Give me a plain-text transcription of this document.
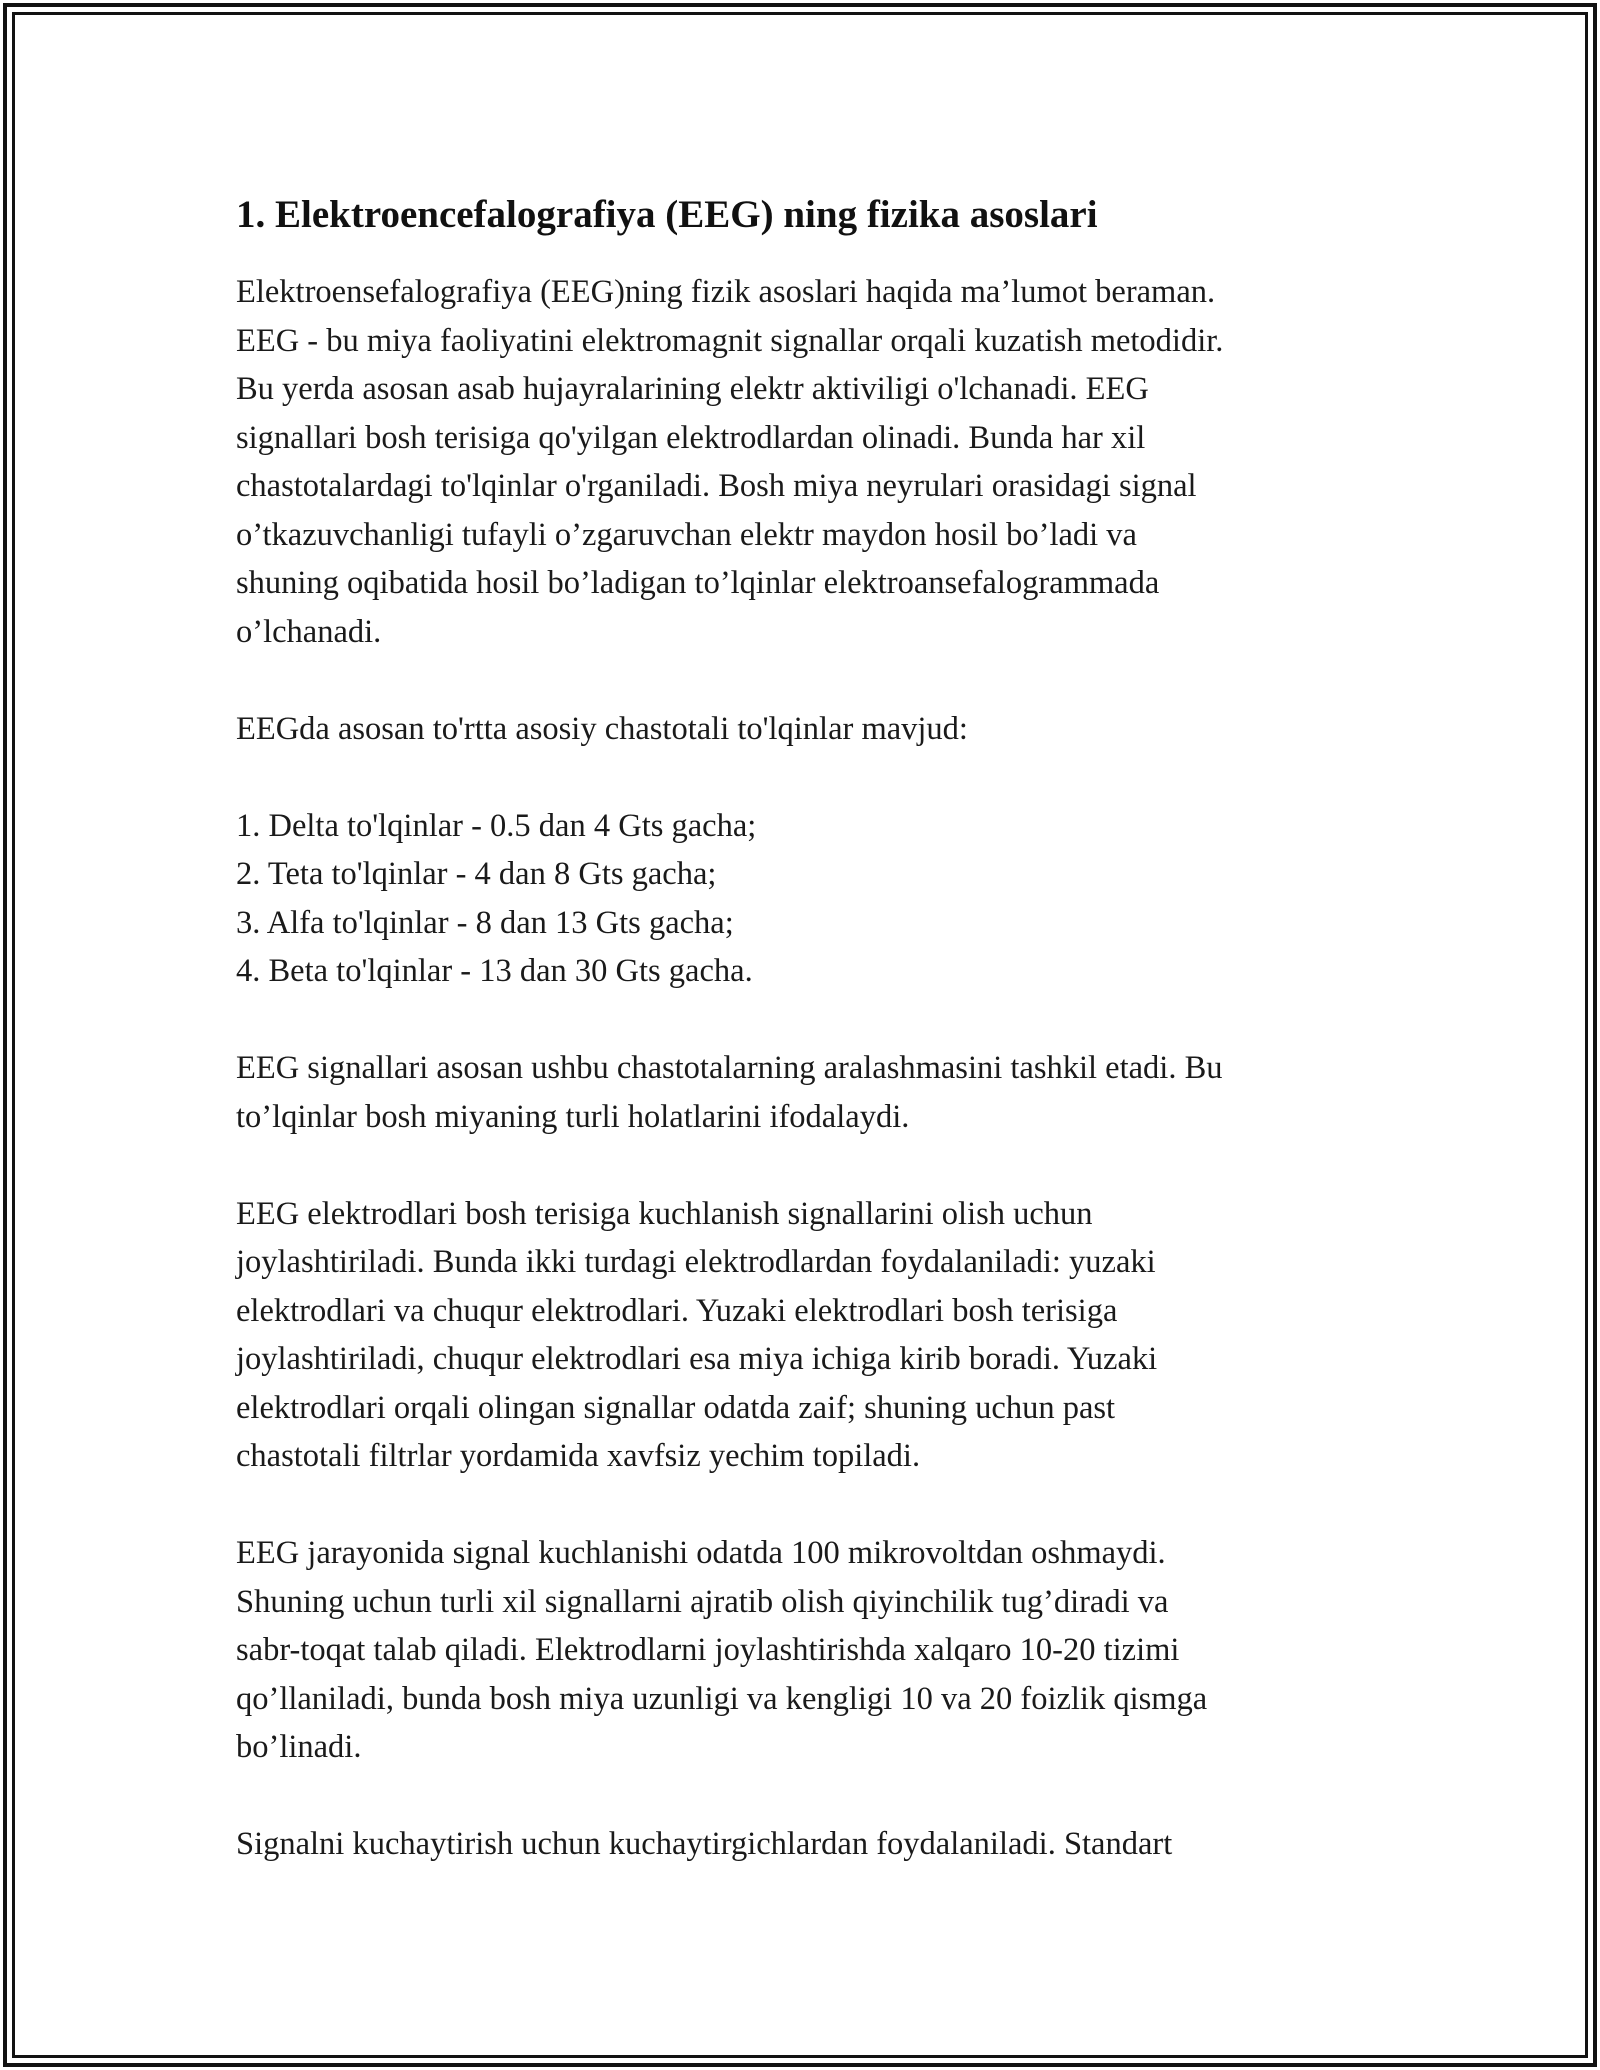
1. Elektroencefalografiya (EEG) ning fizika asoslari

Elektroensefalografiya (EEG)ning fizik asoslari haqida ma’lumot beraman.
EEG - bu miya faoliyatini elektromagnit signallar orqali kuzatish metodidir.
Bu yerda asosan asab hujayralarining elektr aktiviligi o'lchanadi. EEG
signallari bosh terisiga qo'yilgan elektrodlardan olinadi. Bunda har xil
chastotalardagi to'lqinlar o'rganiladi. Bosh miya neyrulari orasidagi signal
o’tkazuvchanligi tufayli o’zgaruvchan elektr maydon hosil bo’ladi va
shuning oqibatida hosil bo’ladigan to’lqinlar elektroansefalogrammada
o’lchanadi.

EEGda asosan to'rtta asosiy chastotali to'lqinlar mavjud:

1. Delta to'lqinlar - 0.5 dan 4 Gts gacha;
2. Teta to'lqinlar - 4 dan 8 Gts gacha;
3. Alfa to'lqinlar - 8 dan 13 Gts gacha;
4. Beta to'lqinlar - 13 dan 30 Gts gacha.

EEG signallari asosan ushbu chastotalarning aralashmasini tashkil etadi. Bu
to’lqinlar bosh miyaning turli holatlarini ifodalaydi.

EEG elektrodlari bosh terisiga kuchlanish signallarini olish uchun
joylashtiriladi. Bunda ikki turdagi elektrodlardan foydalaniladi: yuzaki
elektrodlari va chuqur elektrodlari. Yuzaki elektrodlari bosh terisiga
joylashtiriladi, chuqur elektrodlari esa miya ichiga kirib boradi. Yuzaki
elektrodlari orqali olingan signallar odatda zaif; shuning uchun past
chastotali filtrlar yordamida xavfsiz yechim topiladi.

EEG jarayonida signal kuchlanishi odatda 100 mikrovoltdan oshmaydi.
Shuning uchun turli xil signallarni ajratib olish qiyinchilik tug’diradi va
sabr-toqat talab qiladi. Elektrodlarni joylashtirishda xalqaro 10-20 tizimi
qo’llaniladi, bunda bosh miya uzunligi va kengligi 10 va 20 foizlik qismga
bo’linadi.

Signalni kuchaytirish uchun kuchaytirgichlardan foydalaniladi. Standart
